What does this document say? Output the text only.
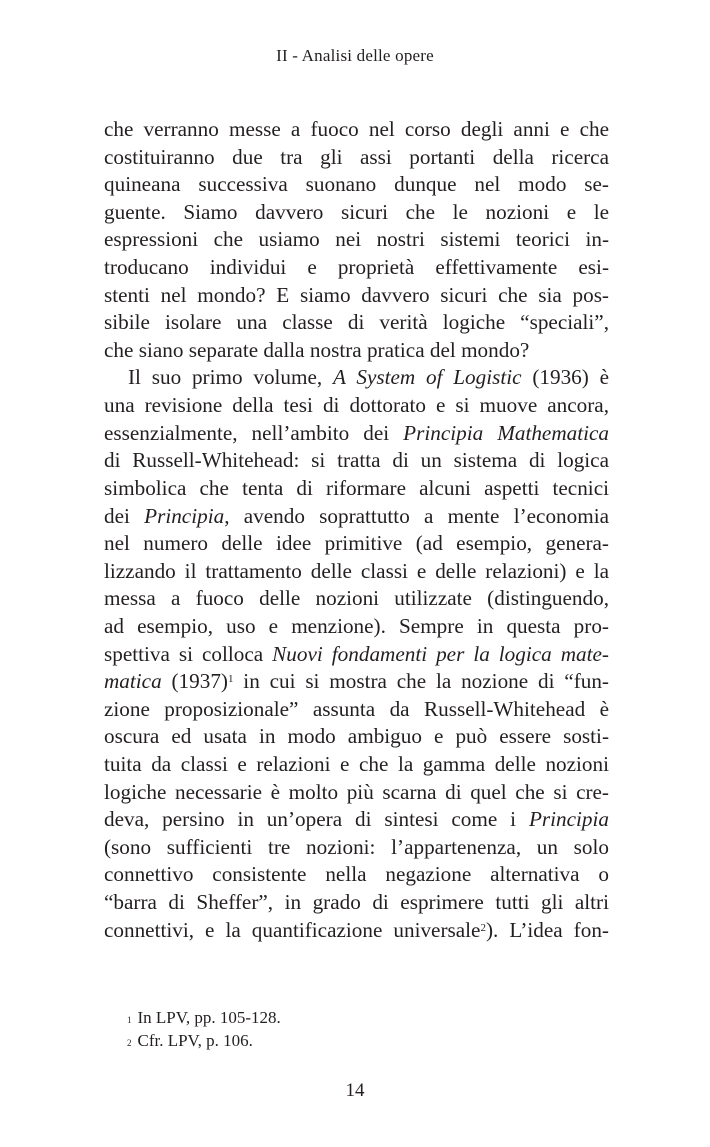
II - Analisi delle opere
che verranno messe a fuoco nel corso degli anni e che
costituiranno due tra gli assi portanti della ricerca
quineana successiva suonano dunque nel modo se-
guente. Siamo davvero sicuri che le nozioni e le
espressioni che usiamo nei nostri sistemi teorici in-
troducano individui e proprietà effettivamente esi-
stenti nel mondo? E siamo davvero sicuri che sia pos-
sibile isolare una classe di verità logiche “speciali”,
che siano separate dalla nostra pratica del mondo?
Il suo primo volume, A System of Logistic (1936) è
una revisione della tesi di dottorato e si muove ancora,
essenzialmente, nell’ambito dei Principia Mathematica
di Russell-Whitehead: si tratta di un sistema di logica
simbolica che tenta di riformare alcuni aspetti tecnici
dei Principia, avendo soprattutto a mente l’economia
nel numero delle idee primitive (ad esempio, genera-
lizzando il trattamento delle classi e delle relazioni) e la
messa a fuoco delle nozioni utilizzate (distinguendo,
ad esempio, uso e menzione). Sempre in questa pro-
spettiva si colloca Nuovi fondamenti per la logica mate-
matica $(1937)^1$ in cui si mostra che la nozione di “fun-
zione proposizionale” assunta da Russell-Whitehead è
oscura ed usata in modo ambiguo e può essere sosti-
tuita da classi e relazioni e che la gamma delle nozioni
logiche necessarie è molto più scarna di quel che si cre-
deva, persino in un’opera di sintesi come i Principia
(sono sufficienti tre nozioni: l’appartenenza, un solo
connettivo consistente nella negazione alternativa o
“barra di Sheffer”, in grado di esprimere tutti gli altri
connettivi, e la quantificazione universale$^2$). L’idea fon-
$^1$ In LPV, pp. 105-128.
$^2$ Cfr. LPV, p. 106.
14
